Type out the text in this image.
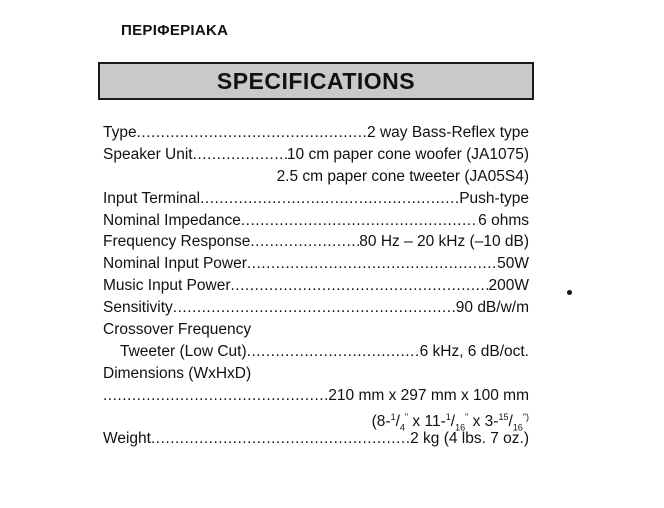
ΠΕΡΙΦΕΡΙΑΚΑ
SPECIFICATIONS
Type .....	2 way Bass-Reflex type
Speaker Unit .....	10 cm paper cone woofer (JA1075)
2.5 cm paper cone tweeter (JA05S4)
Input Terminal .....	Push-type
Nominal Impedance .....	6 ohms
Frequency Response .....	80 Hz – 20 kHz (–10 dB)
Nominal Input Power .....	50W
Music Input Power .....	200W
Sensitivity .....	90 dB/w/m
Crossover Frequency
Tweeter (Low Cut) .....	6 kHz, 6 dB/oct.
Dimensions (WxHxD)
.....
210 mm x 297 mm x 100 mm
($8-^1/_4^"$ x $11-^1/_{16}^"$ x $3-^{15}/_{16}^{")}$
Weight .....	2 kg (4 lbs. 7 oz.)
